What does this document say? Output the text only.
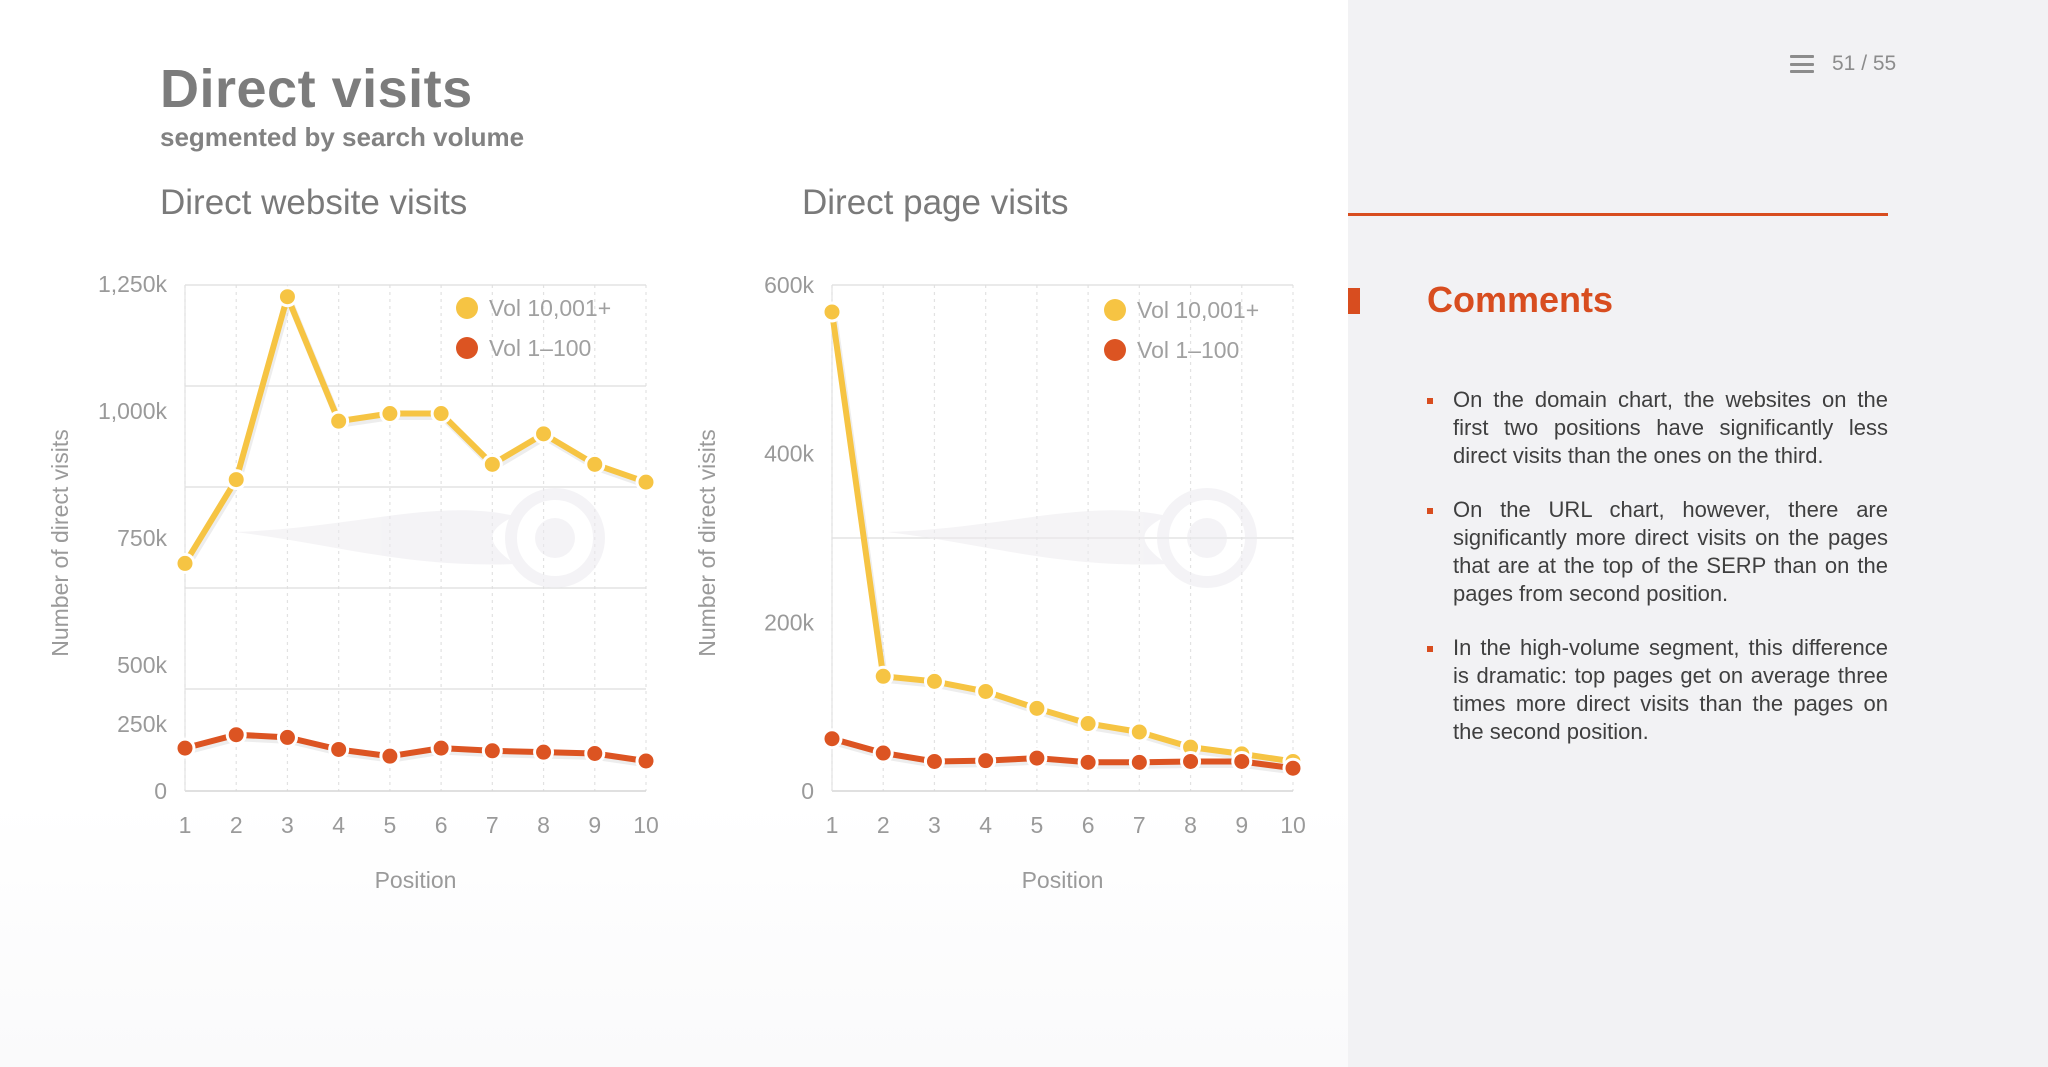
Direct visits
segmented by search volume
Direct website visits	Direct page visits
0
250k
500k
750k
1,000k
1,250k
1 2 3 4 5 6 7 8 9 10
Position
Number of direct visits
Vol 10,001+
Vol 1–100
0
200k
400k
600k
1 2 3 4 5 6 7 8 9 10
Position
Number of direct visits
Vol 10,001+
Vol 1–100
51 / 55
Comments
On the domain chart, the websites on the first two positions have significantly less direct visits than the ones on the third.
On the URL chart, however, there are significantly more direct visits on the pages that are at the top of the SERP than on the pages from second position.
In the high-volume segment, this difference is dramatic: top pages get on average three times more direct visits than the pages on the second position.
